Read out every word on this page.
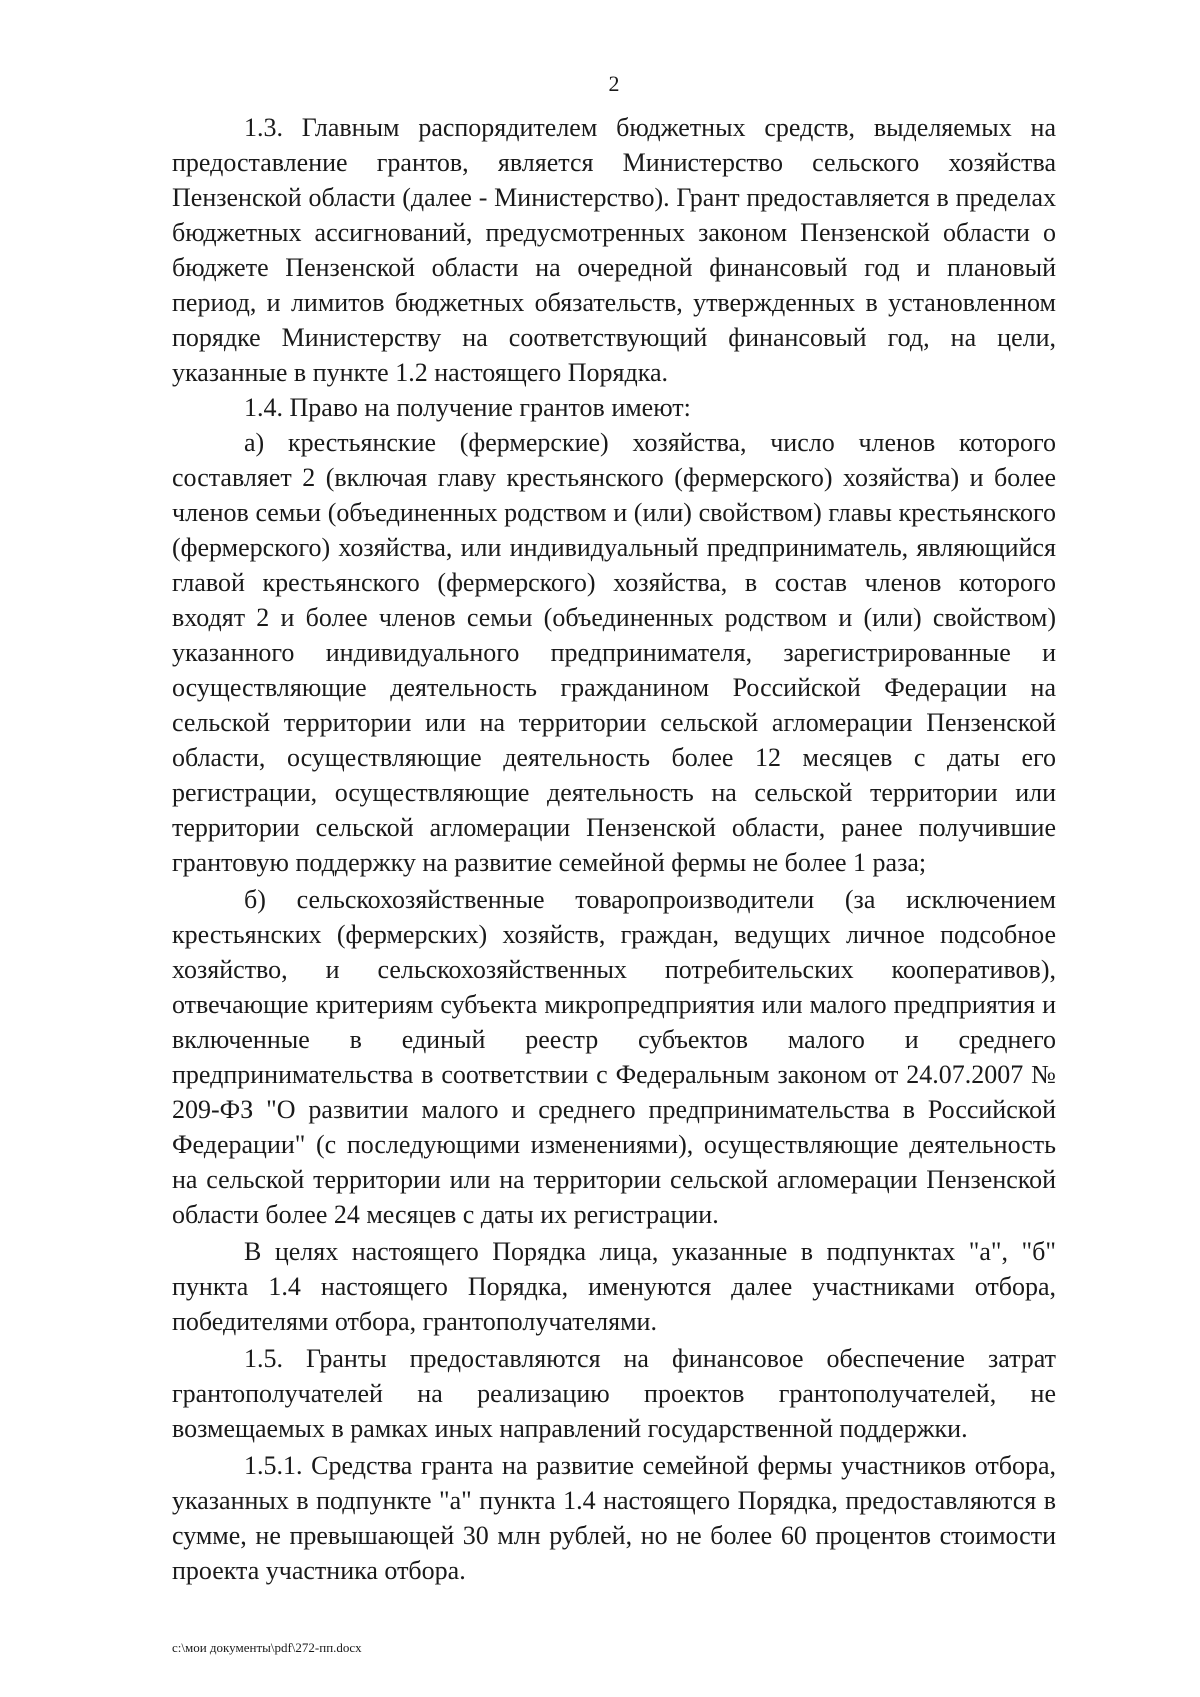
2

1.3. Главным распорядителем бюджетных средств, выделяемых на предоставление грантов, является Министерство сельского хозяйства Пензенской области (далее - Министерство). Грант предоставляется в пределах бюджетных ассигнований, предусмотренных законом Пензенской области о бюджете Пензенской области на очередной финансовый год и плановый период, и лимитов бюджетных обязательств, утвержденных в установленном порядке Министерству на соответствующий финансовый год, на цели, указанные в пункте 1.2 настоящего Порядка.

1.4. Право на получение грантов имеют:

а) крестьянские (фермерские) хозяйства, число членов которого составляет 2 (включая главу крестьянского (фермерского) хозяйства) и более членов семьи (объединенных родством и (или) свойством) главы крестьянского (фермерского) хозяйства, или индивидуальный предприниматель, являющийся главой крестьянского (фермерского) хозяйства, в состав членов которого входят 2 и более членов семьи (объединенных родством и (или) свойством) указанного индивидуального предпринимателя, зарегистрированные и осуществляющие деятельность гражданином Российской Федерации на сельской территории или на территории сельской агломерации Пензенской области, осуществляющие деятельность более 12 месяцев с даты его регистрации, осуществляющие деятельность на сельской территории или территории сельской агломерации Пензенской области, ранее получившие грантовую поддержку на развитие семейной фермы не более 1 раза;

б) сельскохозяйственные товаропроизводители (за исключением крестьянских (фермерских) хозяйств, граждан, ведущих личное подсобное хозяйство, и сельскохозяйственных потребительских кооперативов), отвечающие критериям субъекта микропредприятия или малого предприятия и включенные в единый реестр субъектов малого и среднего предпринимательства в соответствии с Федеральным законом от 24.07.2007 № 209-ФЗ "О развитии малого и среднего предпринимательства в Российской Федерации" (с последующими изменениями), осуществляющие деятельность на сельской территории или на территории сельской агломерации Пензенской области более 24 месяцев с даты их регистрации.

В целях настоящего Порядка лица, указанные в подпунктах "а", "б" пункта 1.4 настоящего Порядка, именуются далее участниками отбора, победителями отбора, грантополучателями.

1.5. Гранты предоставляются на финансовое обеспечение затрат грантополучателей на реализацию проектов грантополучателей, не возмещаемых в рамках иных направлений государственной поддержки.

1.5.1. Средства гранта на развитие семейной фермы участников отбора, указанных в подпункте "а" пункта 1.4 настоящего Порядка, предоставляются в сумме, не превышающей 30 млн рублей, но не более 60 процентов стоимости проекта участника отбора.

c:\мои документы\pdf\272-пп.docx
